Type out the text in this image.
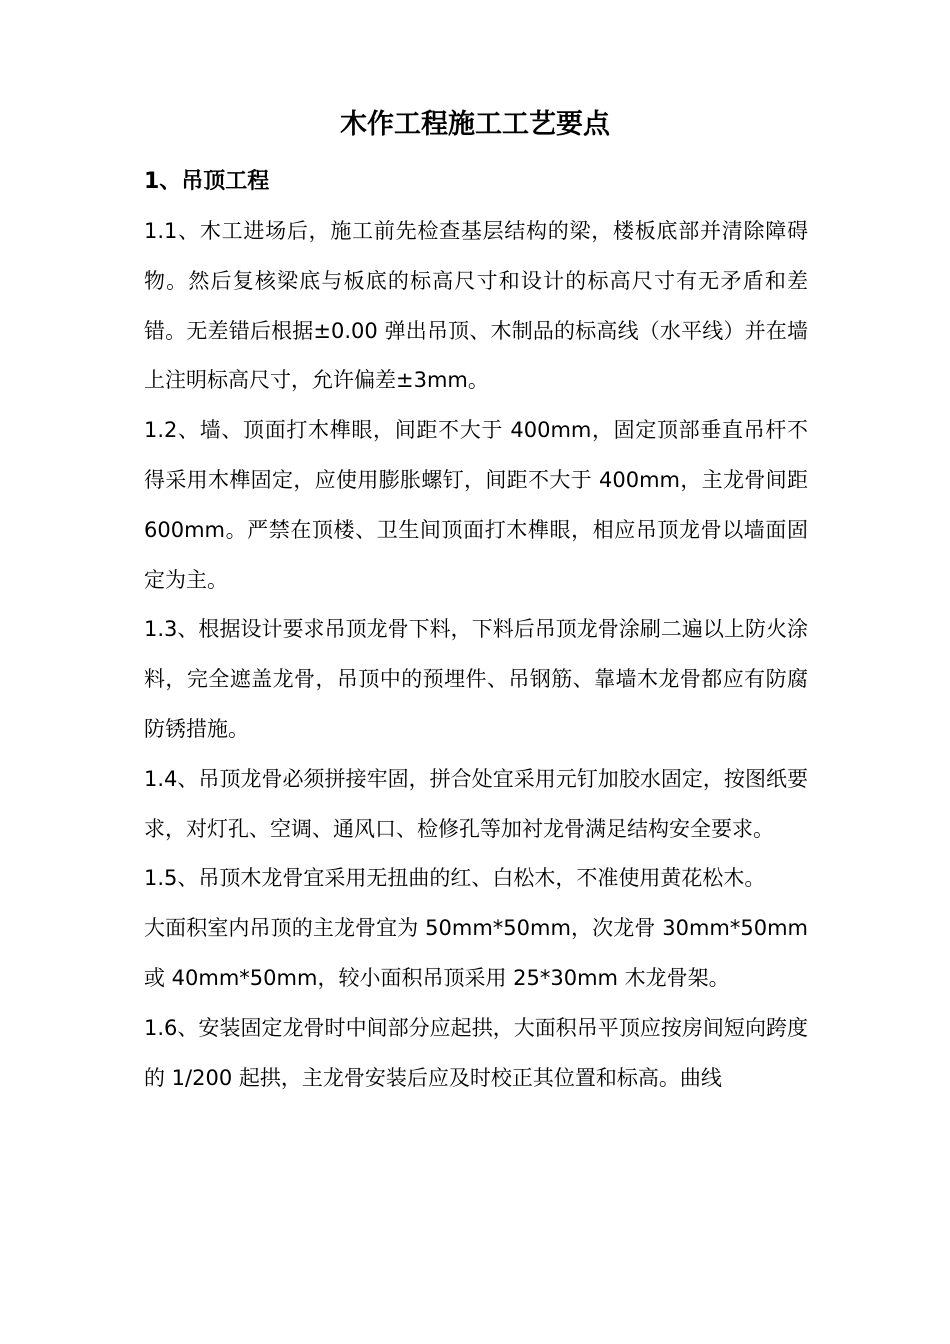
木作工程施工工艺要点
1、吊顶工程

1.1、木工进场后，施工前先检查基层结构的梁，楼板底部并清除障碍物。然后复核梁底与板底的标高尺寸和设计的标高尺寸有无矛盾和差错。无差错后根据±0.00 弹出吊顶、木制品的标高线（水平线）并在墙上注明标高尺寸，允许偏差±3mm。

1.2、墙、顶面打木榫眼，间距不大于 400mm，固定顶部垂直吊杆不得采用木榫固定，应使用膨胀螺钉，间距不大于 400mm，主龙骨间距 600mm。严禁在顶楼、卫生间顶面打木榫眼，相应吊顶龙骨以墙面固定为主。

1.3、根据设计要求吊顶龙骨下料，下料后吊顶龙骨涂刷二遍以上防火涂料，完全遮盖龙骨，吊顶中的预埋件、吊钢筋、靠墙木龙骨都应有防腐防锈措施。

1.4、吊顶龙骨必须拼接牢固，拼合处宜采用元钉加胶水固定，按图纸要求，对灯孔、空调、通风口、检修孔等加衬龙骨满足结构安全要求。

1.5、吊顶木龙骨宜采用无扭曲的红、白松木，不准使用黄花松木。

大面积室内吊顶的主龙骨宜为 50mm*50mm，次龙骨 30mm*50mm 或 40mm*50mm，较小面积吊顶采用 25*30mm 木龙骨架。

1.6、安装固定龙骨时中间部分应起拱，大面积吊平顶应按房间短向跨度的 1/200 起拱，主龙骨安装后应及时校正其位置和标高。曲线
